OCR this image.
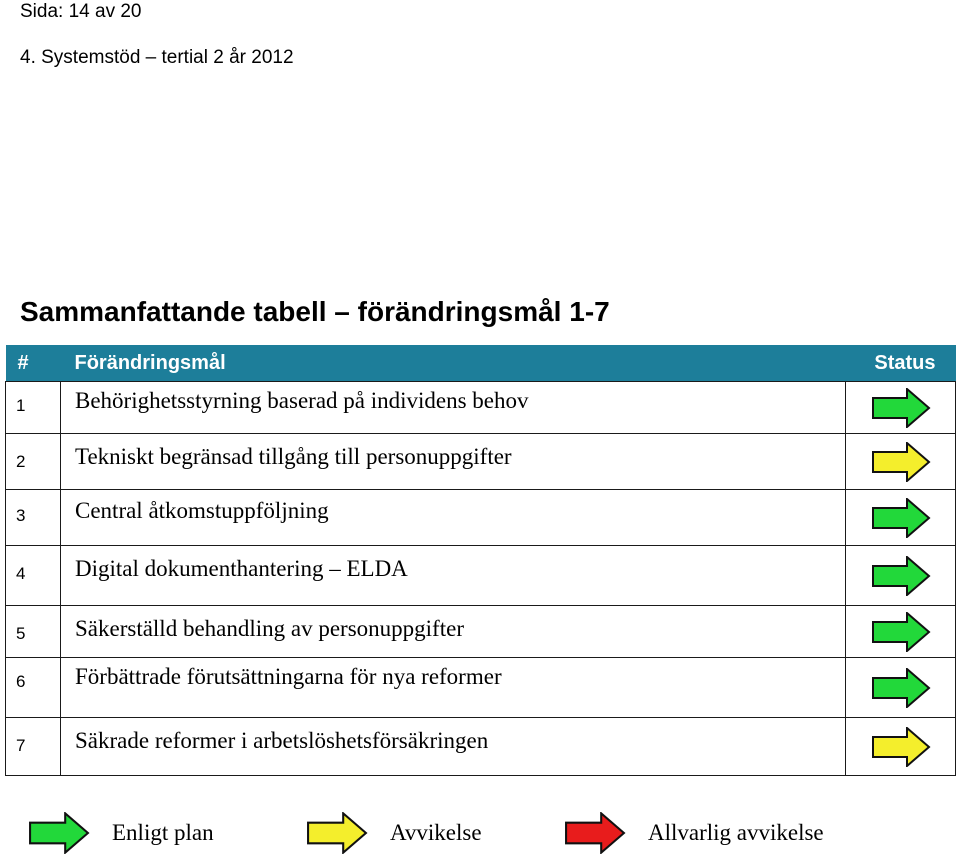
Sida: 14 av 20
4. Systemstöd – tertial 2 år 2012
Sammanfattande tabell – förändringsmål 1-7
#	Förändringsmål	Status

1	Behörighetsstyrning baserad på individens behov

2	Tekniskt begränsad tillgång till personuppgifter

3	Central åtkomstuppföljning

4	Digital dokumenthantering – ELDA

5	Säkerställd behandling av personuppgifter

6	Förbättrade förutsättningarna för nya reformer

7	Säkrade reformer i arbetslöshetsförsäkringen

Enligt plan	Avvikelse	Allvarlig avvikelse
